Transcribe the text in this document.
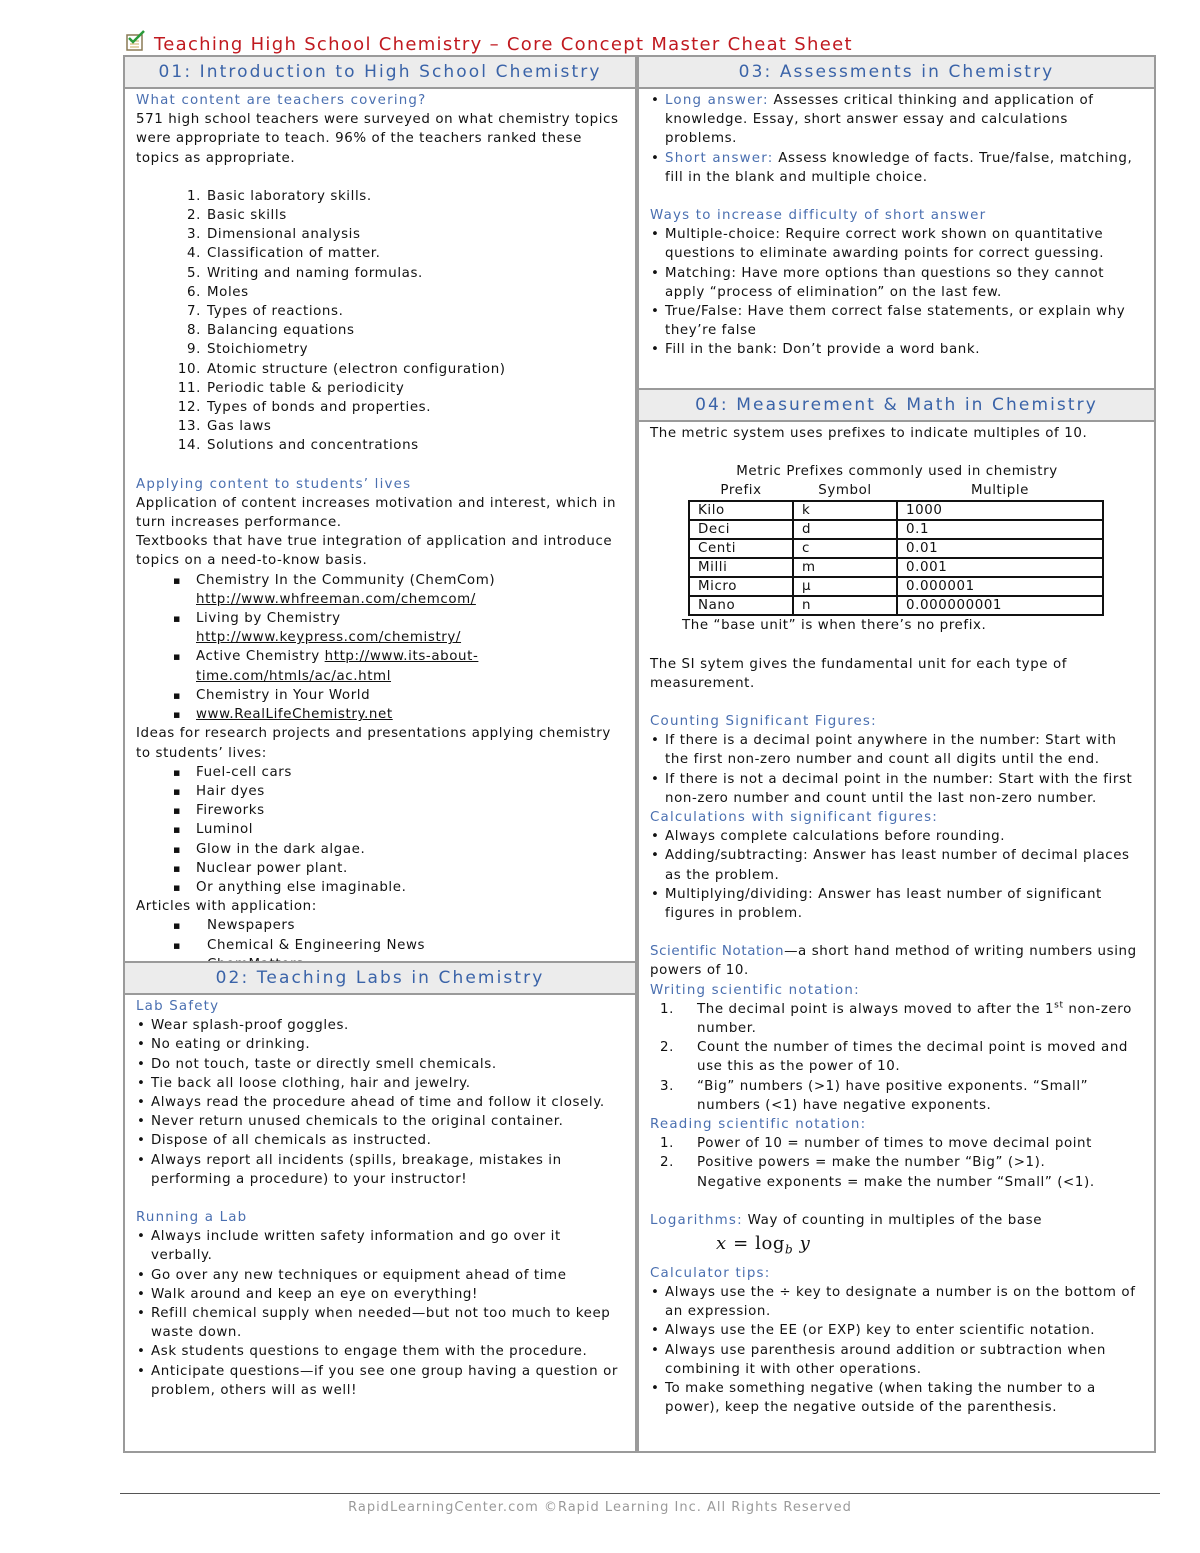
Teaching High School Chemistry – Core Concept Master Cheat Sheet
01: Introduction to High School Chemistry
What content are teachers covering?

571 high school teachers were surveyed on what chemistry topics were appropriate to teach. 96% of the teachers ranked these topics as appropriate.

1. Basic laboratory skills.
2. Basic skills
3. Dimensional analysis
4. Classification of matter.
5. Writing and naming formulas.
6. Moles
7. Types of reactions.
8. Balancing equations
9. Stoichiometry
10. Atomic structure (electron configuration)
11. Periodic table & periodicity
12. Types of bonds and properties.
13. Gas laws
14. Solutions and concentrations
Applying content to students’ lives

Application of content increases motivation and interest, which in turn increases performance.

Textbooks that have true integration of application and introduce topics on a need-to-know basis.

▪ Chemistry In the Community (ChemCom)
http://www.whfreeman.com/chemcom/
▪ Living by Chemistry
http://www.keypress.com/chemistry/
▪ Active Chemistry http://www.its-about-time.com/htmls/ac/ac.html
▪ Chemistry in Your World
▪ www.RealLifeChemistry.net

Ideas for research projects and presentations applying chemistry to students’ lives:

▪ Fuel-cell cars
▪ Hair dyes
▪ Fireworks
▪ Luminol
▪ Glow in the dark algae.
▪ Nuclear power plant.
▪ Or anything else imaginable.

Articles with application:

▪ Newspapers
▪ Chemical & Engineering News
▪
02: Teaching Labs in Chemistry
Lab Safety
• Wear splash-proof goggles.
• No eating or drinking.
• Do not touch, taste or directly smell chemicals.
• Tie back all loose clothing, hair and jewelry.
• Always read the procedure ahead of time and follow it closely.
• Never return unused chemicals to the original container.
• Dispose of all chemicals as instructed.
• Always report all incidents (spills, breakage, mistakes in performing a procedure) to your instructor!
Running a Lab
• Always include written safety information and go over it verbally.
• Go over any new techniques or equipment ahead of time
• Walk around and keep an eye on everything!
• Refill chemical supply when needed—but not too much to keep waste down.
• Ask students questions to engage them with the procedure.
• Anticipate questions—if you see one group having a question or problem, others will as well!
03: Assessments in Chemistry
• Long answer: Assesses critical thinking and application of knowledge. Essay, short answer essay and calculations problems.
• Short answer: Assess knowledge of facts. True/false, matching, fill in the blank and multiple choice.
Ways to increase difficulty of short answer
• Multiple-choice: Require correct work shown on quantitative questions to eliminate awarding points for correct guessing.
• Matching: Have more options than questions so they cannot apply “process of elimination” on the last few.
• True/False: Have them correct false statements, or explain why they’re false
• Fill in the bank: Don’t provide a word bank.
04: Measurement & Math in Chemistry

The metric system uses prefixes to indicate multiples of 10.

Metric Prefixes commonly used in chemistry
Prefix	Symbol	Multiple
Kilo	k	1000
Deci	d	0.1
Centi	c	0.01
Milli	m	0.001
Micro	µ	0.000001
Nano	n	0.000000001

The “base unit” is when there’s no prefix.

The SI sytem gives the fundamental unit for each type of measurement.

Counting Significant Figures:
• If there is a decimal point anywhere in the number: Start with the first non-zero number and count all digits until the end.
• If there is not a decimal point in the number: Start with the first non-zero number and count until the last non-zero number.
Calculations with significant figures:
• Always complete calculations before rounding.
• Adding/subtracting: Answer has least number of decimal places as the problem.
• Multiplying/dividing: Answer has least number of significant figures in problem.

Scientific Notation—a short hand method of writing numbers using powers of 10.

Writing scientific notation:
1.	The decimal point is always moved to after the 1st non-zero number.
2.	Count the number of times the decimal point is moved and use this as the power of 10.
3.	“Big” numbers (>1) have positive exponents. “Small” numbers (<1) have negative exponents.
Reading scientific notation:
1.	Power of 10 = number of times to move decimal point
2.	Positive powers = make the number “Big” (>1).
Negative exponents = make the number “Small” (<1).

Logarithms: Way of counting in multiples of the base

$x = \log_b y$
Calculator tips:
• Always use the ÷ key to designate a number is on the bottom of an expression.
• Always use the EE (or EXP) key to enter scientific notation.
• Always use parenthesis around addition or subtraction when combining it with other operations.
• To make something negative (when taking the number to a power), keep the negative outside of the parenthesis.
RapidLearningCenter.com ©Rapid Learning Inc. All Rights Reserved
